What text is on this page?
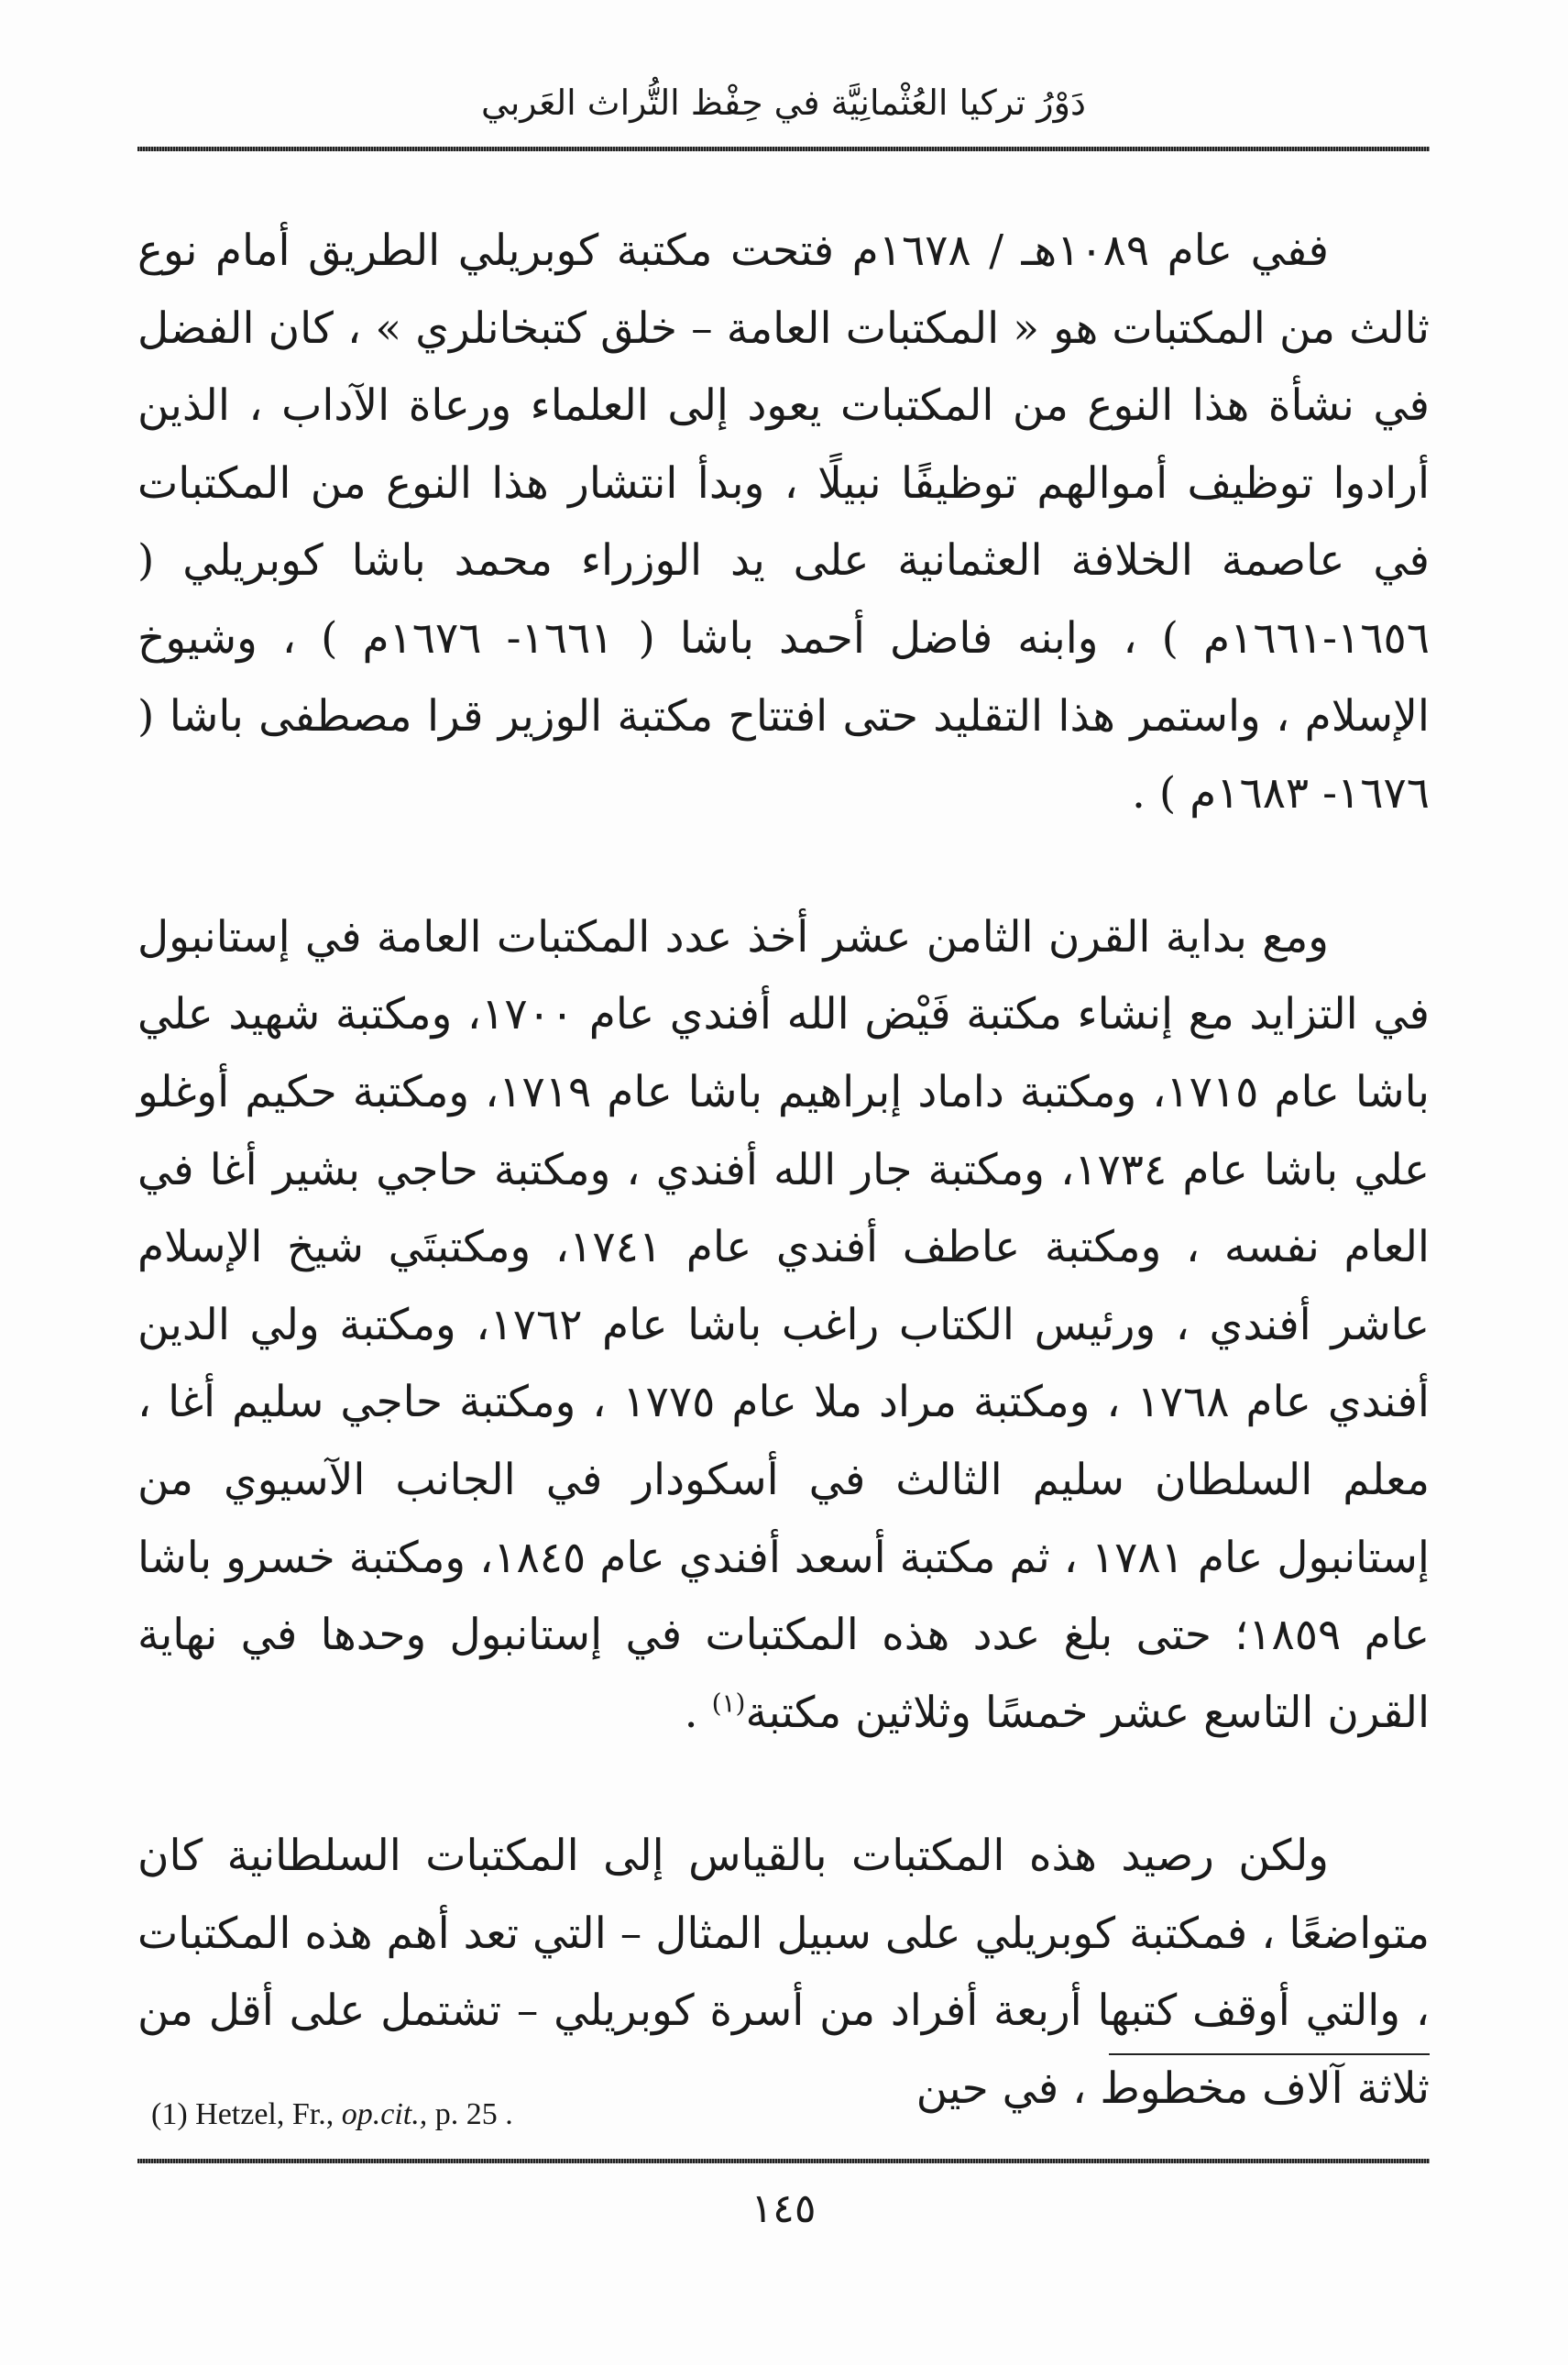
دَوْرُ تركيا العُثْمانِيَّة في حِفْظ التُّراث العَربي

ففي عام ١٠٨٩هـ / ١٦٧٨م فتحت مكتبة كوبريلي الطريق أمام نوع ثالث من المكتبات هو « المكتبات العامة – خلق كتبخانلري » ، كان الفضل في نشأة هذا النوع من المكتبات يعود إلى العلماء ورعاة الآداب ، الذين أرادوا توظيف أموالهم توظيفًا نبيلًا ، وبدأ انتشار هذا النوع من المكتبات في عاصمة الخلافة العثمانية على يد الوزراء محمد باشا كوبريلي ( ١٦٥٦-١٦٦١م ) ، وابنه فاضل أحمد باشا ( ١٦٦١- ١٦٧٦م ) ، وشيوخ الإسلام ، واستمر هذا التقليد حتى افتتاح مكتبة الوزير قرا مصطفى باشا ( ١٦٧٦- ١٦٨٣م ) .

ومع بداية القرن الثامن عشر أخذ عدد المكتبات العامة في إستانبول في التزايد مع إنشاء مكتبة فَيْض الله أفندي عام ١٧٠٠، ومكتبة شهيد علي باشا عام ١٧١٥، ومكتبة داماد إبراهيم باشا عام ١٧١٩، ومكتبة حكيم أوغلو علي باشا عام ١٧٣٤، ومكتبة جار الله أفندي ، ومكتبة حاجي بشير أغا في العام نفسه ، ومكتبة عاطف أفندي عام ١٧٤١، ومكتبتَي شيخ الإسلام عاشر أفندي ، ورئيس الكتاب راغب باشا عام ١٧٦٢، ومكتبة ولي الدين أفندي عام ١٧٦٨ ، ومكتبة مراد ملا عام ١٧٧٥ ، ومكتبة حاجي سليم أغا ، معلم السلطان سليم الثالث في أسكودار في الجانب الآسيوي من إستانبول عام ١٧٨١ ، ثم مكتبة أسعد أفندي عام ١٨٤٥، ومكتبة خسرو باشا عام ١٨٥٩؛ حتى بلغ عدد هذه المكتبات في إستانبول وحدها في نهاية القرن التاسع عشر خمسًا وثلاثين مكتبة$^{(١)}$ .

ولكن رصيد هذه المكتبات بالقياس إلى المكتبات السلطانية كان متواضعًا ، فمكتبة كوبريلي على سبيل المثال – التي تعد أهم هذه المكتبات ، والتي أوقف كتبها أربعة أفراد من أسرة كوبريلي – تشتمل على أقل من ثلاثة آلاف مخطوط ، في حين

(1) Hetzel, Fr., op.cit., p. 25 .
١٤٥
